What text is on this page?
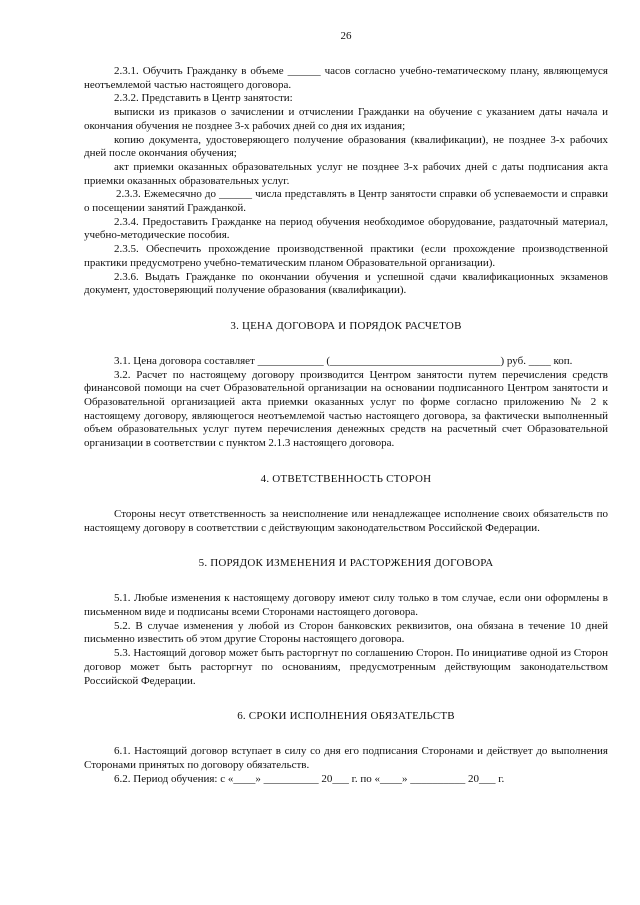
26

2.3.1. Обучить Гражданку в объеме ______ часов согласно учебно-тематическому плану, являющемуся неотъемлемой частью настоящего договора.

2.3.2. Представить в Центр занятости:

выписки из приказов о зачислении и отчислении Гражданки на обучение с указанием даты начала и окончания обучения не позднее 3-х рабочих дней со дня их издания;

копию документа, удостоверяющего получение образования (квалификации), не позднее 3-х рабочих дней после окончания обучения;

акт приемки оказанных образовательных услуг не позднее 3-х рабочих дней с даты подписания акта приемки оказанных образовательных услуг.

2.3.3. Ежемесячно до ______ числа представлять в Центр занятости справки об успеваемости и справки о посещении занятий Гражданкой.

2.3.4. Предоставить Гражданке на период обучения необходимое оборудование, раздаточный материал, учебно-методические пособия.

2.3.5. Обеспечить прохождение производственной практики (если прохождение производственной практики предусмотрено учебно-тематическим планом Образовательной организации).

2.3.6. Выдать Гражданке по окончании обучения и успешной сдачи квалификационных экзаменов документ, удостоверяющий получение образования (квалификации).

3. ЦЕНА ДОГОВОРА И ПОРЯДОК РАСЧЕТОВ

3.1. Цена договора составляет ____________ (_______________________________) руб. ____ коп.

3.2. Расчет по настоящему договору производится Центром занятости путем перечисления средств финансовой помощи на счет Образовательной организации на основании подписанного Центром занятости и Образовательной организацией акта приемки оказанных услуг по форме согласно приложению № 2 к настоящему договору, являющегося неотъемлемой частью настоящего договора, за фактически выполненный объем образовательных услуг путем перечисления денежных средств на расчетный счет Образовательной организации в соответствии с пунктом 2.1.3 настоящего договора.

4. ОТВЕТСТВЕННОСТЬ СТОРОН

Стороны несут ответственность за неисполнение или ненадлежащее исполнение своих обязательств по настоящему договору в соответствии с действующим законодательством Российской Федерации.

5. ПОРЯДОК ИЗМЕНЕНИЯ И РАСТОРЖЕНИЯ ДОГОВОРА

5.1. Любые изменения к настоящему договору имеют силу только в том случае, если они оформлены в письменном виде и подписаны всеми Сторонами настоящего договора.

5.2. В случае изменения у любой из Сторон банковских реквизитов, она обязана в течение 10 дней письменно известить об этом другие Стороны настоящего договора.

5.3. Настоящий договор может быть расторгнут по соглашению Сторон. По инициативе одной из Сторон договор может быть расторгнут по основаниям, предусмотренным действующим законодательством Российской Федерации.

6. СРОКИ ИСПОЛНЕНИЯ ОБЯЗАТЕЛЬСТВ

6.1. Настоящий договор вступает в силу со дня его подписания Сторонами и действует до выполнения Сторонами принятых по договору обязательств.

6.2. Период обучения: с «____» __________ 20___ г. по «____» __________ 20___ г.
